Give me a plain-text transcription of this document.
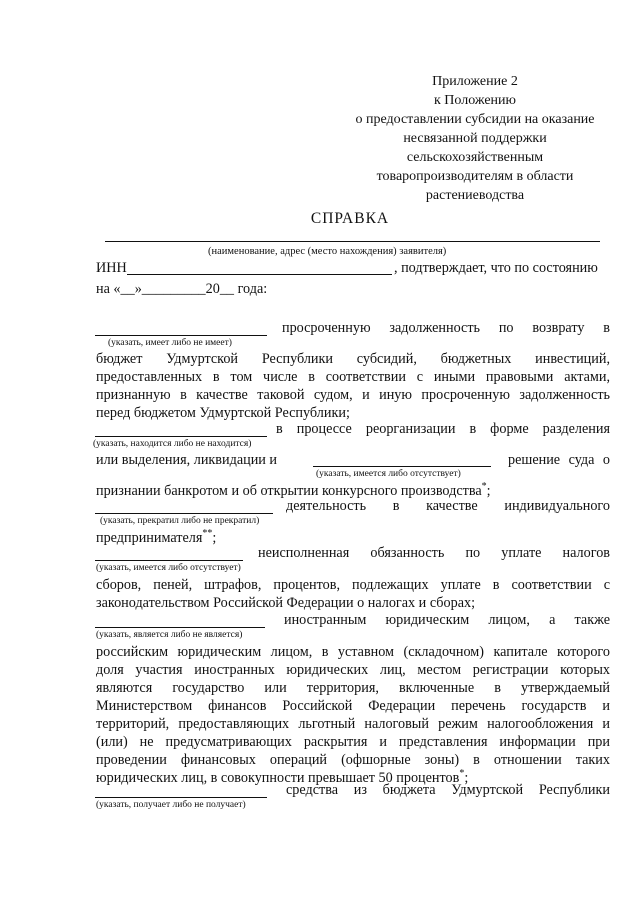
Приложение 2
к Положению
о предоставлении субсидии на оказание
несвязанной поддержки
сельскохозяйственным
товаропроизводителям в области
растениеводства
СПРАВКА
(наименование, адрес (место нахождения) заявителя)
ИНН	, подтверждает, что по состоянию
на «__»_________20__ года:
(указать, имеет либо не имеет)
просроченную задолженность по возврату в
бюджет Удмуртской Республики субсидий, бюджетных инвестиций,
предоставленных в том числе в соответствии с иными правовыми актами,
признанную в качестве таковой судом, и иную просроченную задолженность
перед бюджетом Удмуртской Республики;
(указать, находится либо не находится)
в процессе реорганизации в форме разделения
или выделения, ликвидации и
(указать, имеется либо отсутствует)
решение суда о
признании банкротом и об открытии конкурсного производства*;
(указать, прекратил либо не прекратил)
деятельность в качестве индивидуального
предпринимателя**;
(указать, имеется либо отсутствует)
неисполненная обязанность по уплате налогов
сборов, пеней, штрафов, процентов, подлежащих уплате в соответствии с
законодательством Российской Федерации о налогах и сборах;
(указать, является либо не является)
иностранным юридическим лицом, а также
российским юридическим лицом, в уставном (складочном) капитале которого
доля участия иностранных юридических лиц, местом регистрации которых
являются государство или территория, включенные в утверждаемый
Министерством финансов Российской Федерации перечень государств и
территорий, предоставляющих льготный налоговый режим налогообложения и
(или) не предусматривающих раскрытия и представления информации при
проведении финансовых операций (офшорные зоны) в отношении таких
юридических лиц, в совокупности превышает 50 процентов*;
(указать, получает либо не получает)
средства из бюджета Удмуртской Республики
